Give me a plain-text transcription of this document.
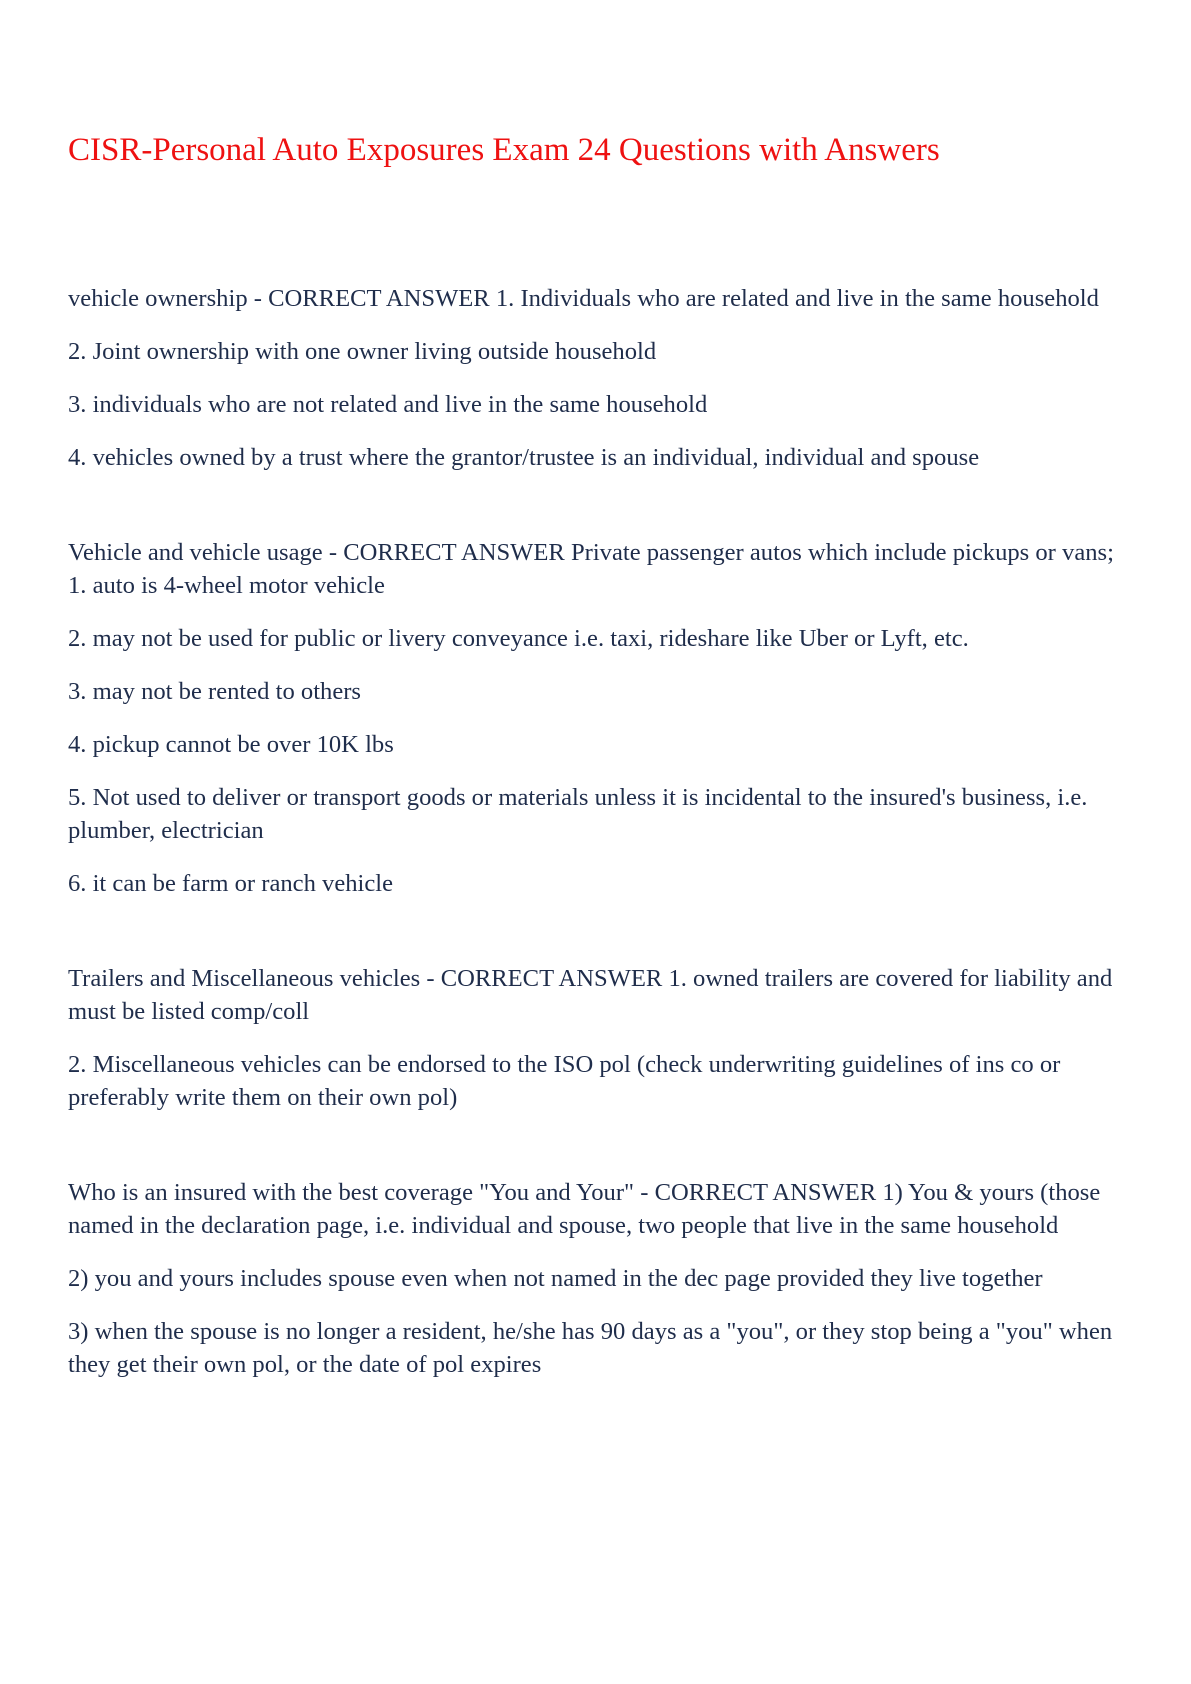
CISR-Personal Auto Exposures Exam 24 Questions with Answers

vehicle ownership - CORRECT ANSWER 1. Individuals who are related and live in the same household

2. Joint ownership with one owner living outside household

3. individuals who are not related and live in the same household

4. vehicles owned by a trust where the grantor/trustee is an individual, individual and spouse

Vehicle and vehicle usage - CORRECT ANSWER Private passenger autos which include pickups or vans; 1. auto is 4-wheel motor vehicle

2. may not be used for public or livery conveyance i.e. taxi, rideshare like Uber or Lyft, etc.

3. may not be rented to others

4. pickup cannot be over 10K lbs

5. Not used to deliver or transport goods or materials unless it is incidental to the insured's business, i.e. plumber, electrician

6. it can be farm or ranch vehicle

Trailers and Miscellaneous vehicles - CORRECT ANSWER 1. owned trailers are covered for liability and must be listed comp/coll

2. Miscellaneous vehicles can be endorsed to the ISO pol (check underwriting guidelines of ins co or preferably write them on their own pol)

Who is an insured with the best coverage "You and Your" - CORRECT ANSWER 1) You & yours (those named in the declaration page, i.e. individual and spouse, two people that live in the same household

2) you and yours includes spouse even when not named in the dec page provided they live together

3) when the spouse is no longer a resident, he/she has 90 days as a "you", or they stop being a "you" when they get their own pol, or the date of pol expires
